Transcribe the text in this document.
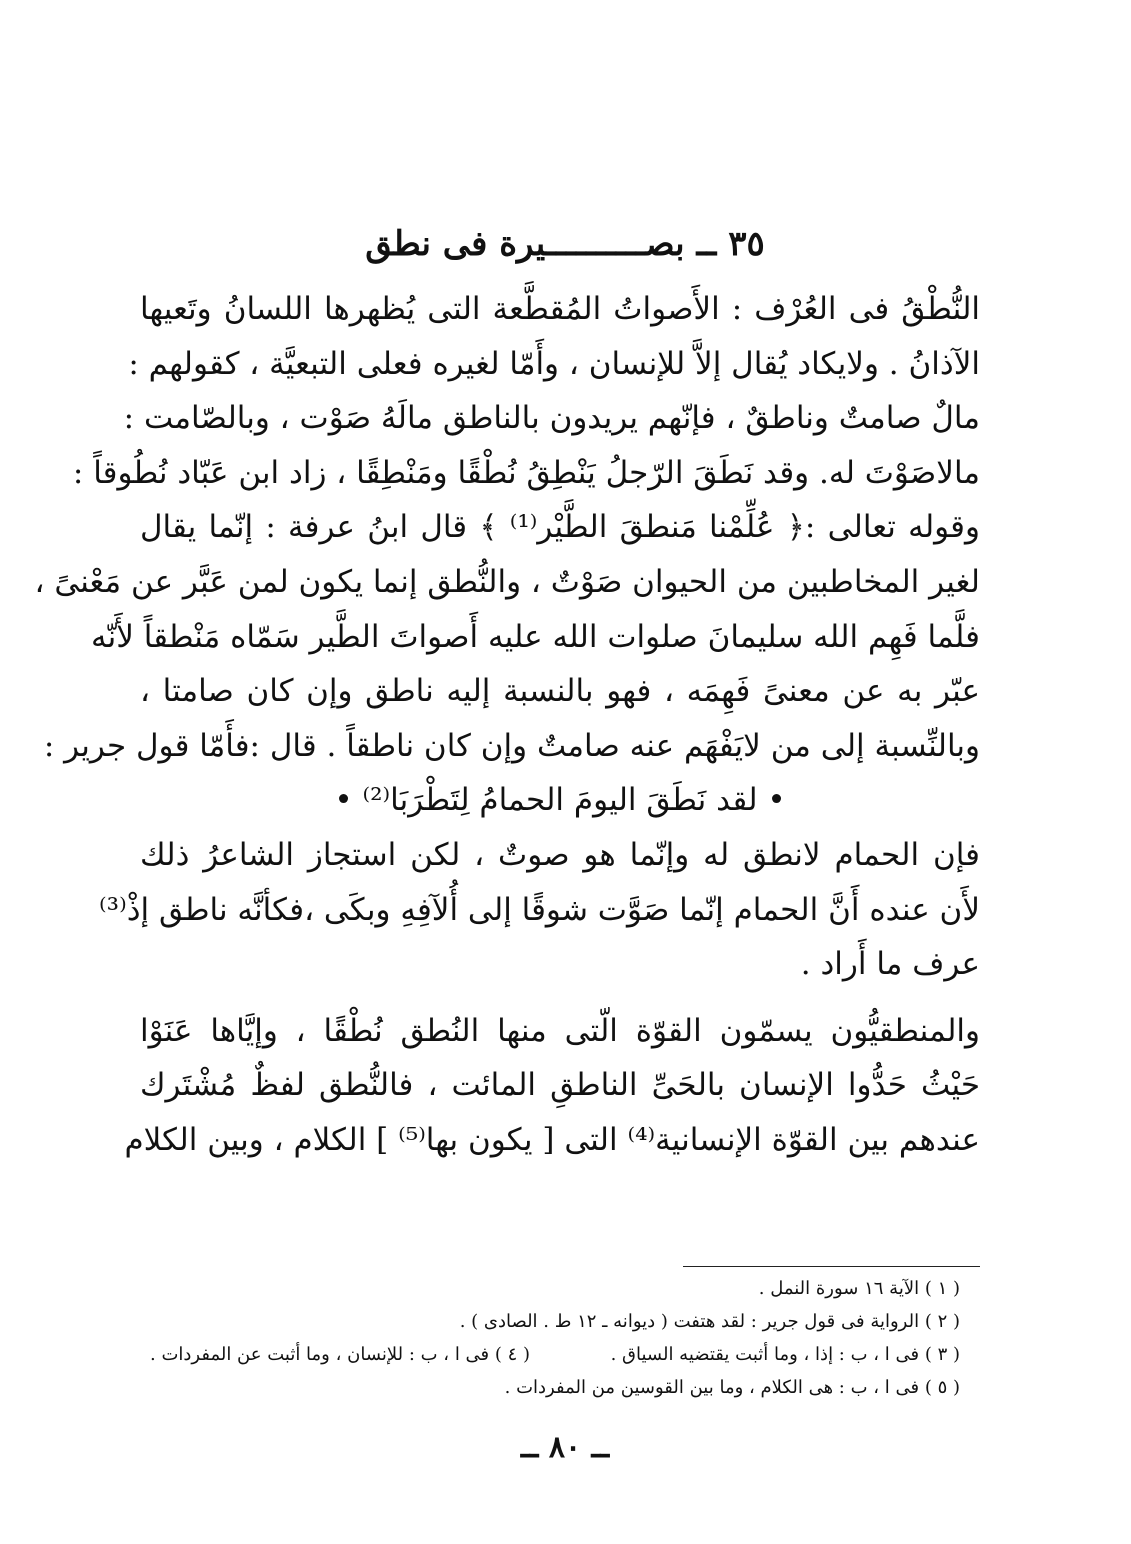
٣٥ ــ بصــــــــــيرة فى نطق
النُّطْقُ فى العُرْف : الأَصواتُ المُقطَّعة التى يُظهرها اللسانُ وتَعيها
الآذانُ . ولايكاد يُقال إلاَّ للإنسان ، وأَمّا لغيره فعلى التبعيَّة ، كقولهم :
مالٌ صامتٌ وناطقٌ ، فإنّهم يريدون بالناطق مالَهُ صَوْت ، وبالصّامت :
مالاصَوْتَ له. وقد نَطَقَ الرّجلُ يَنْطِقُ نُطْقًا ومَنْطِقًا ، زاد ابن عَبّاد نُطُوقاً :
وقوله تعالى :﴿ عُلِّمْنا مَنطقَ الطَّيْر⁽¹⁾ ﴾ قال ابنُ عرفة : إنّما يقال
لغير المخاطبين من الحيوان صَوْتٌ ، والنُّطق إنما يكون لمن عَبَّر عن مَعْنىً ،
فلَّما فَهِم الله سليمانَ صلوات الله عليه أَصواتَ الطَّير سَمّاه مَنْطقاً لأَنّه
عبّر به عن معنىً فَهِمَه ، فهو بالنسبة إليه ناطق وإن كان صامتا ،
وبالنِّسبة إلى من لايَفْهَم عنه صامتٌ وإن كان ناطقاً . قال :فأَمّا قول جرير :
• لقد نَطَقَ اليومَ الحمامُ لِتَطْرَبَا⁽²⁾ •
فإن الحمام لانطق له وإنّما هو صوتٌ ، لكن استجاز الشاعرُ ذلك
لأَن عنده أَنَّ الحمام إنّما صَوَّت شوقًا إلى أُلآفِهِ وبكَى ،فكأنَّه ناطق إذْ⁽³⁾
عرف ما أَراد .
والمنطقيُّون يسمّون القوّة الّتى منها النُطق نُطْقًا ، وإيَّاها عَنَوْا
حَيْثُ حَدُّوا الإنسان بالحَىِّ الناطقِ المائت ، فالنُّطق لفظٌ مُشْتَرك
عندهم بين القوّة الإنسانية⁽⁴⁾ التى [ يكون بها⁽⁵⁾ ] الكلام ، وبين الكلام
( ١ ) الآية ١٦ سورة النمل .
( ٢ ) الرواية فى قول جرير : لقد هتفت ( ديوانه ـ ١٢ ط . الصادى ) .
( ٣ ) فى ا ، ب : إذا ، وما أثبت يقتضيه السياق .
( ٤ ) فى ا ، ب : للإنسان ، وما أثبت عن المفردات .
( ٥ ) فى ا ، ب : هى الكلام ، وما بين القوسين من المفردات .
ــ ٨٠ ــ
